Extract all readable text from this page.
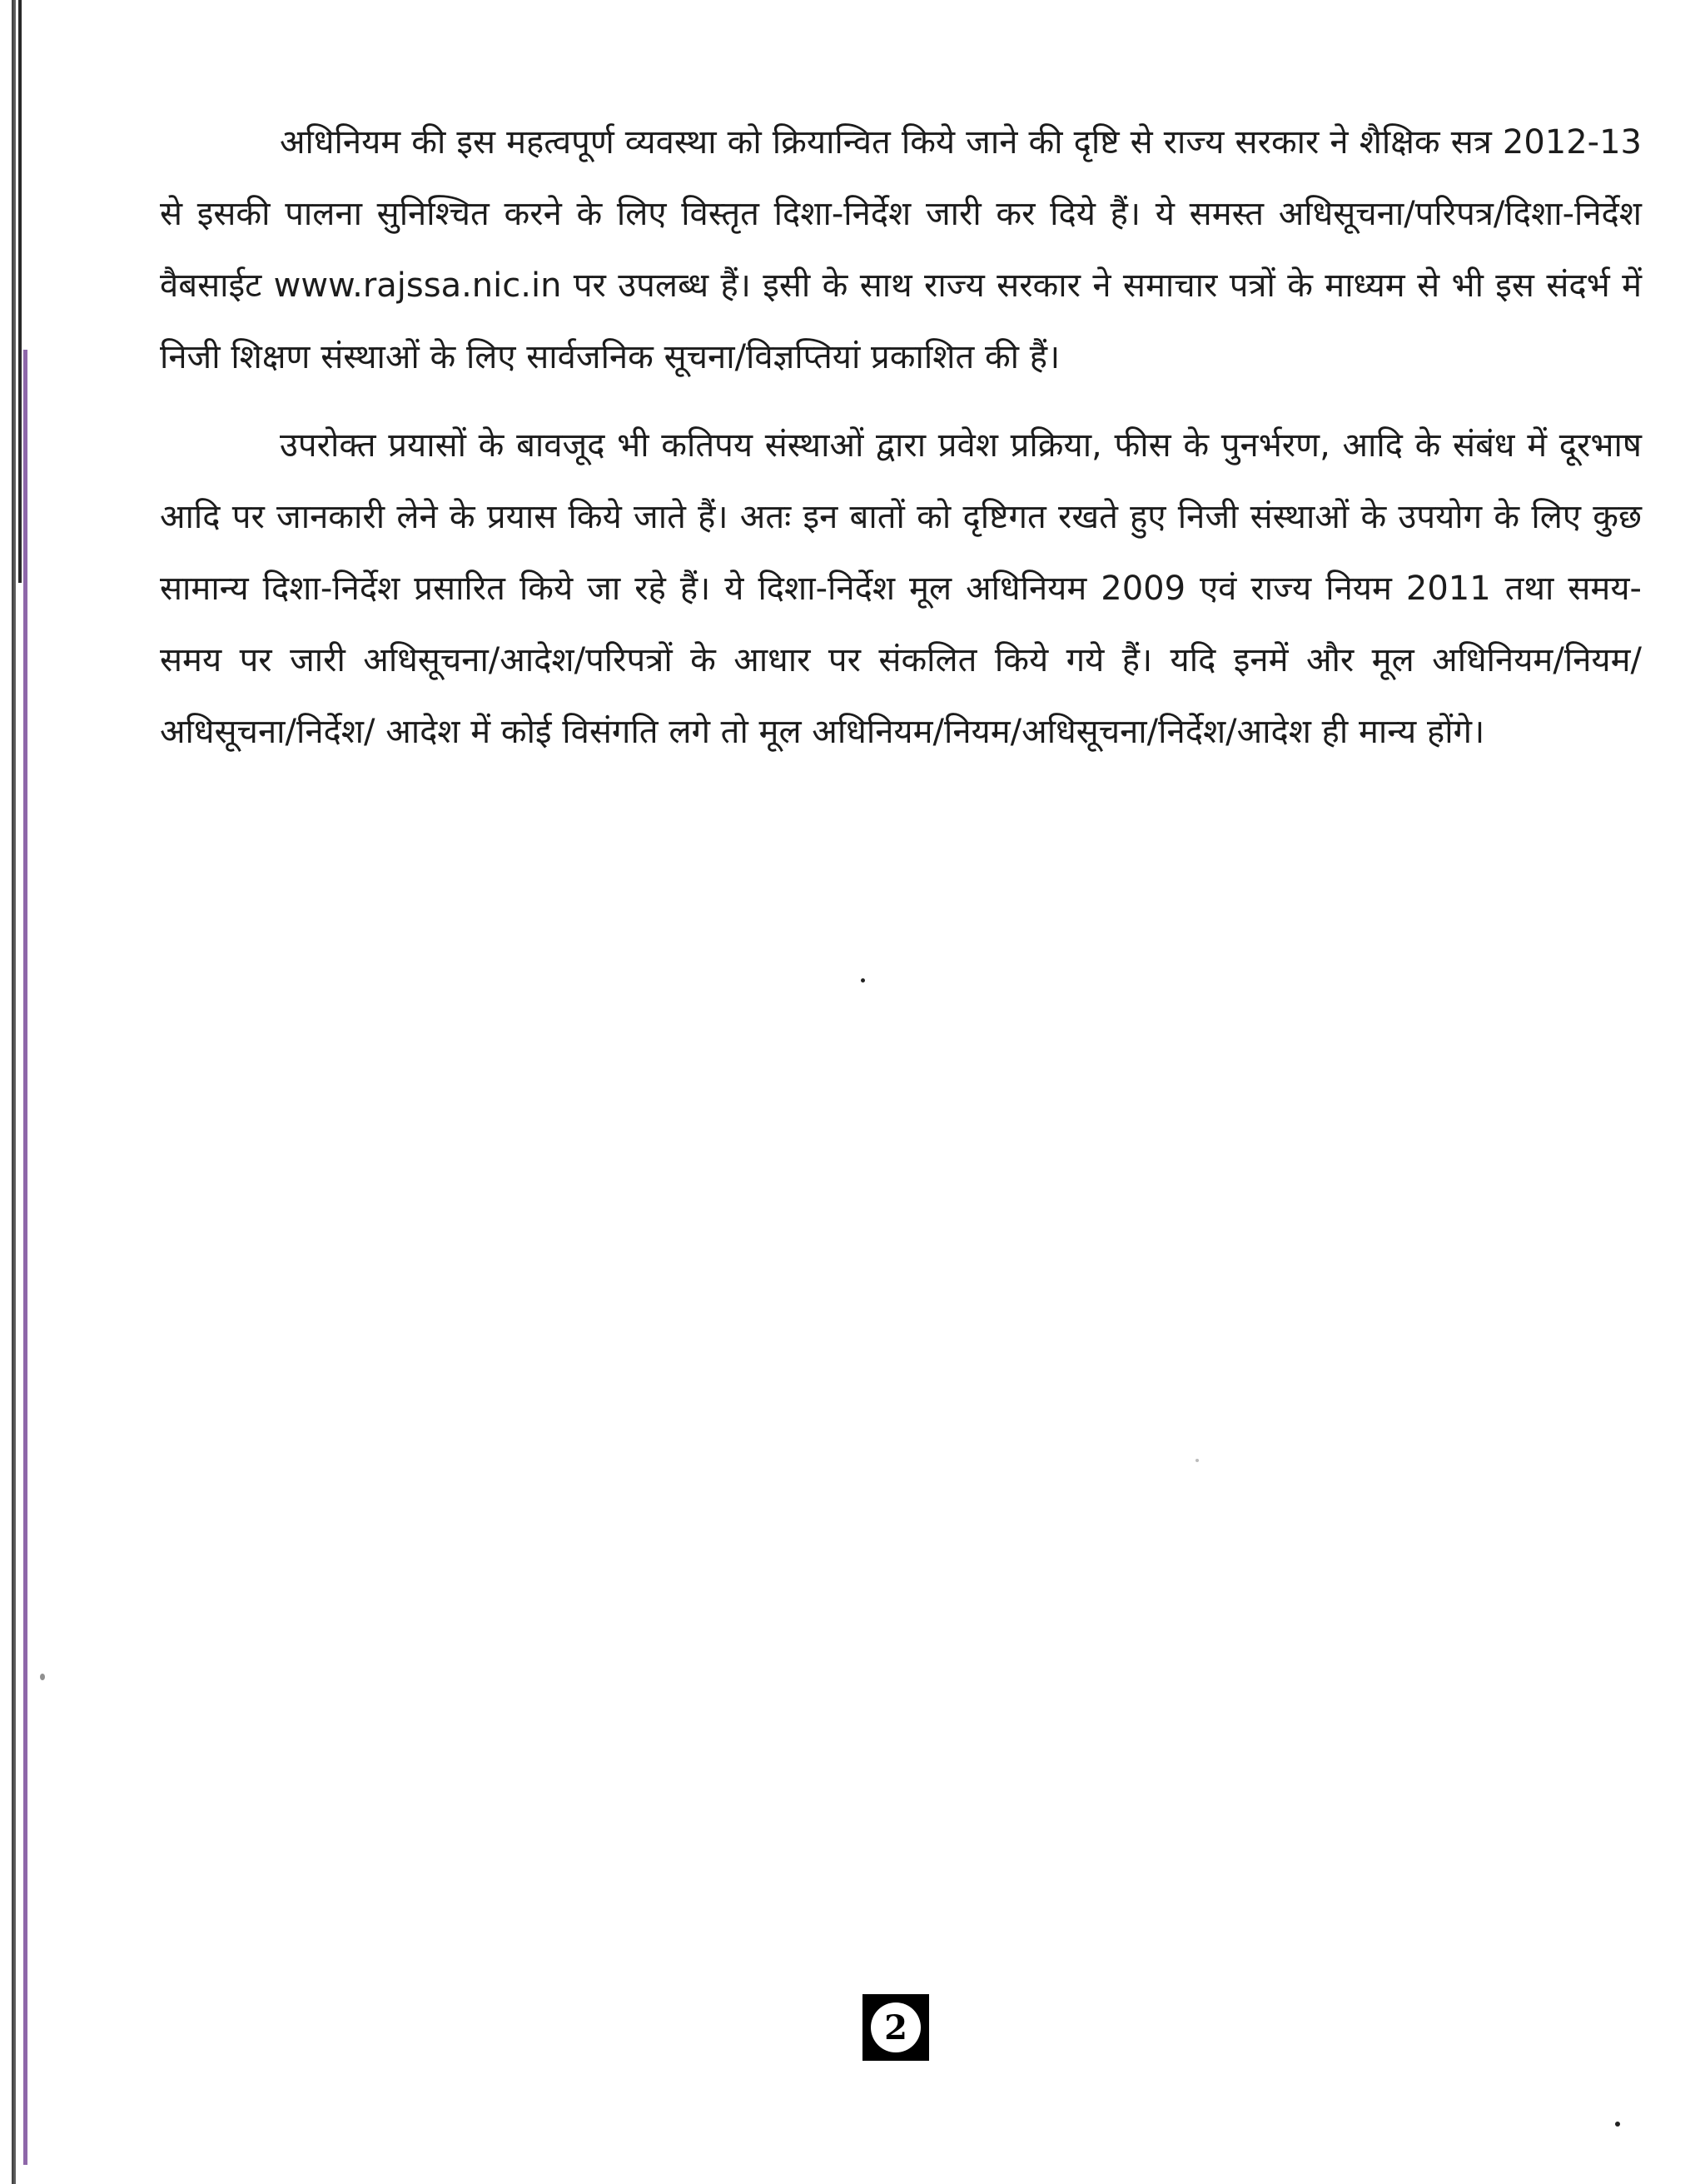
अधिनियम की इस महत्वपूर्ण व्यवस्था को क्रियान्वित किये जाने की दृष्टि से राज्य सरकार ने शैक्षिक सत्र 2012-13 से इसकी पालना सुनिश्चित करने के लिए विस्तृत दिशा-निर्देश जारी कर दिये हैं। ये समस्त अधिसूचना/परिपत्र/दिशा-निर्देश वैबसाईट www.rajssa.nic.in पर उपलब्ध हैं। इसी के साथ राज्य सरकार ने समाचार पत्रों के माध्यम से भी इस संदर्भ में निजी शिक्षण संस्थाओं के लिए सार्वजनिक सूचना/विज्ञप्तियां प्रकाशित की हैं।

उपरोक्त प्रयासों के बावजूद भी कतिपय संस्थाओं द्वारा प्रवेश प्रक्रिया, फीस के पुनर्भरण, आदि के संबंध में दूरभाष आदि पर जानकारी लेने के प्रयास किये जाते हैं। अतः इन बातों को दृष्टिगत रखते हुए निजी संस्थाओं के उपयोग के लिए कुछ सामान्य दिशा-निर्देश प्रसारित किये जा रहे हैं। ये दिशा-निर्देश मूल अधिनियम 2009 एवं राज्य नियम 2011 तथा समय-समय पर जारी अधिसूचना/आदेश/परिपत्रों के आधार पर संकलित किये गये हैं। यदि इनमें और मूल अधिनियम/नियम/अधिसूचना/निर्देश/ आदेश में कोई विसंगति लगे तो मूल अधिनियम/नियम/अधिसूचना/निर्देश/आदेश ही मान्य होंगे।

2
